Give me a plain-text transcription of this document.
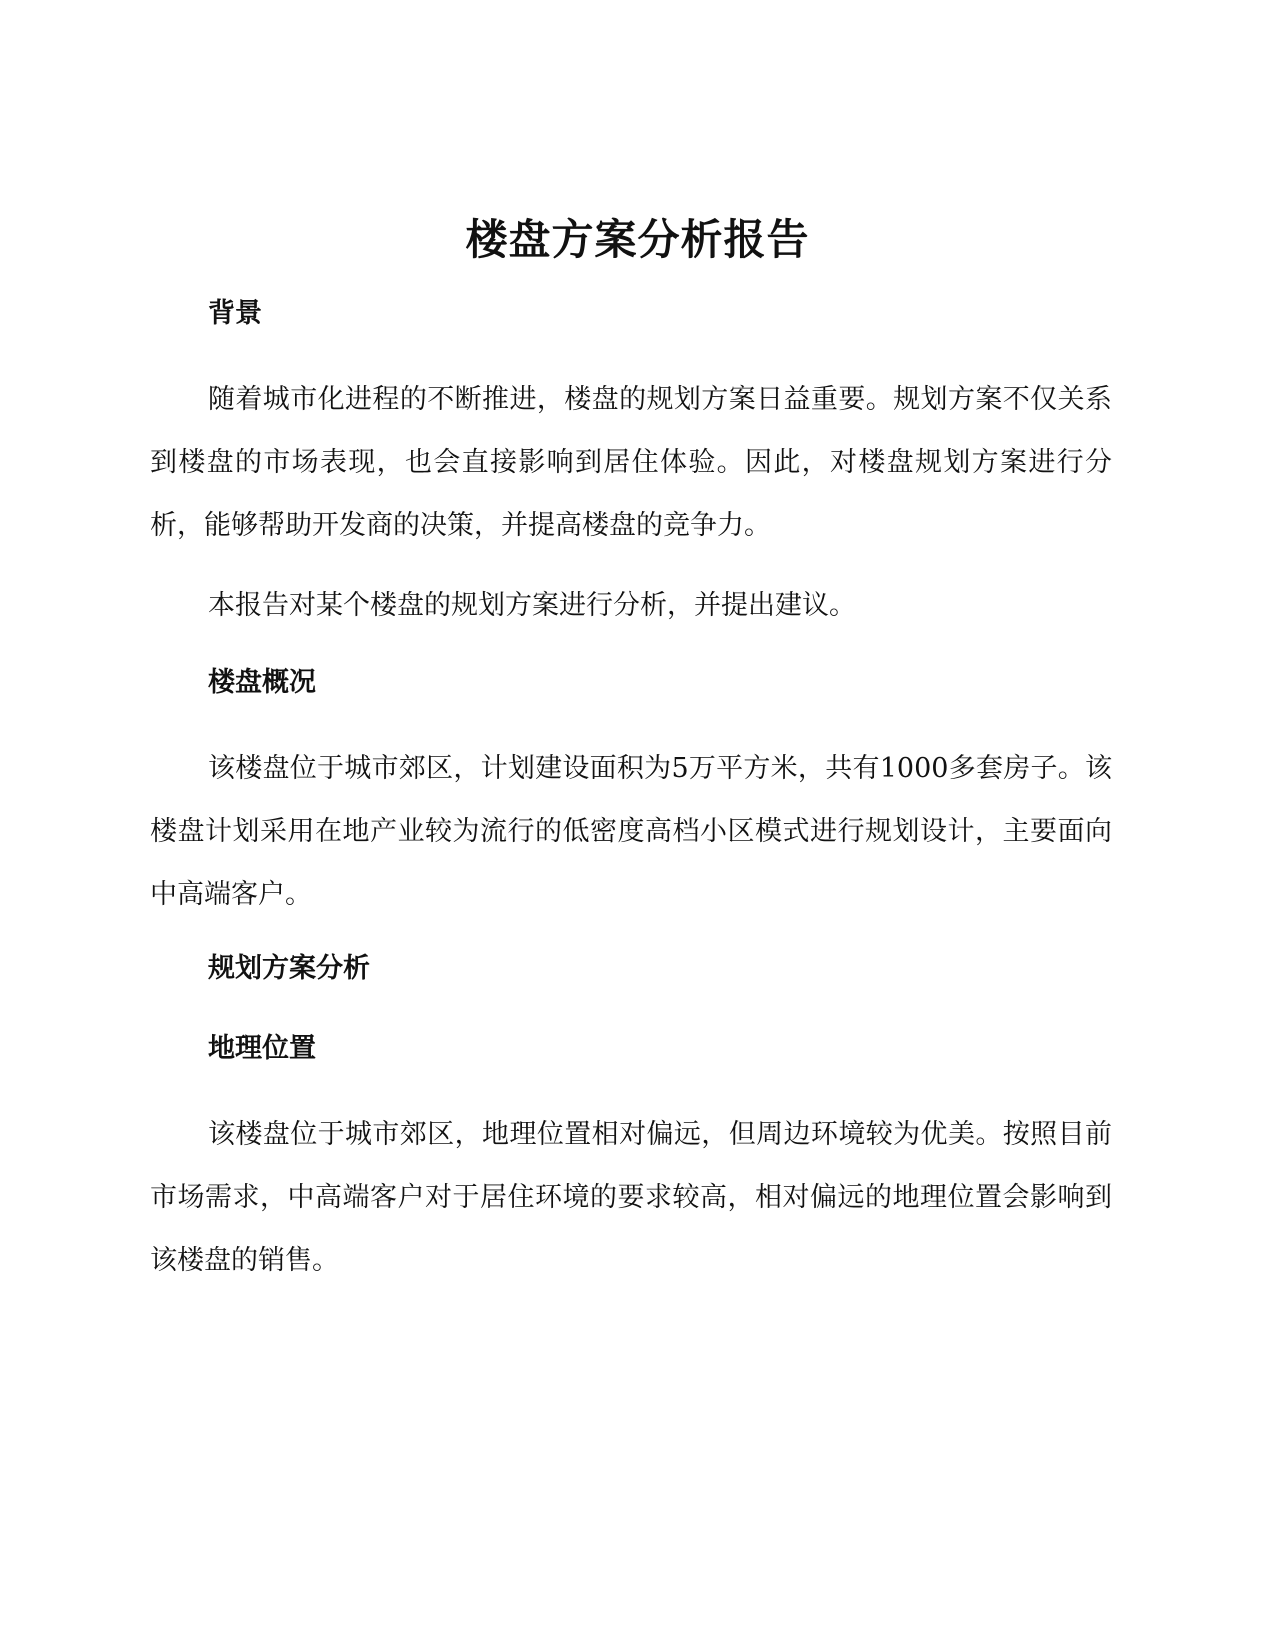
楼盘方案分析报告
背景

随着城市化进程的不断推进，楼盘的规划方案日益重要。规划方案不仅关系到楼盘的市场表现，也会直接影响到居住体验。因此，对楼盘规划方案进行分析，能够帮助开发商的决策，并提高楼盘的竞争力。

本报告对某个楼盘的规划方案进行分析，并提出建议。

楼盘概况

该楼盘位于城市郊区，计划建设面积为5万平方米，共有1000多套房子。该楼盘计划采用在地产业较为流行的低密度高档小区模式进行规划设计，主要面向中高端客户。

规划方案分析
地理位置

该楼盘位于城市郊区，地理位置相对偏远，但周边环境较为优美。按照目前市场需求，中高端客户对于居住环境的要求较高，相对偏远的地理位置会影响到该楼盘的销售。
